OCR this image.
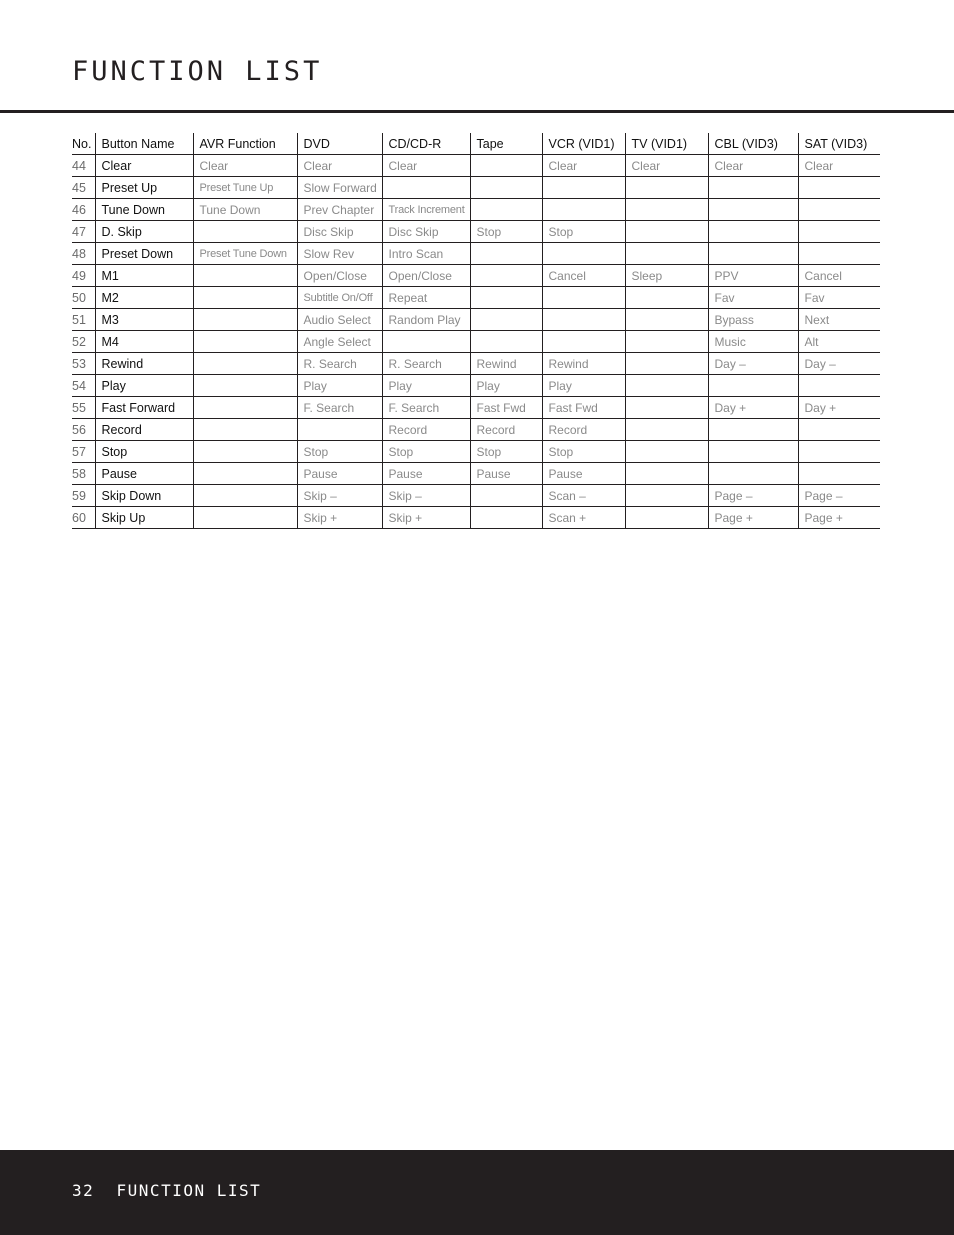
FUNCTION LIST
No.	Button Name	AVR Function	DVD	CD/CD-R	Tape	VCR (VID1)	TV (VID1)	CBL (VID3)	SAT (VID3)
44	Clear	Clear	Clear	Clear		Clear	Clear	Clear	Clear
45	Preset Up	Preset Tune Up	Slow Forward						
46	Tune Down	Tune Down	Prev Chapter	Track Increment					
47	D. Skip		Disc Skip	Disc Skip	Stop	Stop			
48	Preset Down	Preset Tune Down	Slow Rev	Intro Scan					
49	M1		Open/Close	Open/Close		Cancel	Sleep	PPV	Cancel
50	M2		Subtitle On/Off	Repeat				Fav	Fav
51	M3		Audio Select	Random Play				Bypass	Next
52	M4		Angle Select					Music	Alt
53	Rewind		R. Search	R. Search	Rewind	Rewind		Day –	Day –
54	Play		Play	Play	Play	Play			
55	Fast Forward		F. Search	F. Search	Fast Fwd	Fast Fwd		Day +	Day +
56	Record			Record	Record	Record			
57	Stop		Stop	Stop	Stop	Stop			
58	Pause		Pause	Pause	Pause	Pause			
59	Skip Down		Skip –	Skip –		Scan –		Page –	Page –
60	Skip Up		Skip +	Skip +		Scan +		Page +	Page +
32 FUNCTION LIST
